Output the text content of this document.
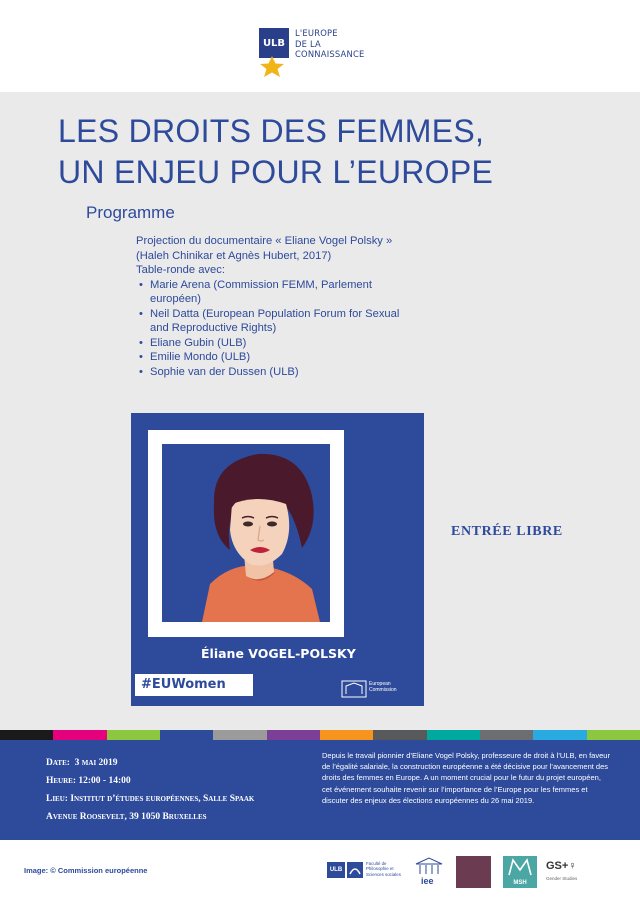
ULB
L'EUROPE
DE LA
CONNAISSANCE
LES DROITS DES FEMMES,
UN ENJEU POUR L’EUROPE
Programme

Projection du documentaire « Eliane Vogel Polsky »

(Haleh Chinikar et Agnès Hubert, 2017)

Table-ronde avec:

• Marie Arena (Commission FEMM, Parlement européen)
• Neil Datta (European Population Forum for Sexual and Reproductive Rights)
• Eliane Gubin (ULB)
• Emilie Mondo (ULB)
• Sophie van der Dussen (ULB)
Éliane VOGEL-POLSKY
#EUWomen	European
Commission
ENTRÉE LIBRE
Date: 3 mai 2019
Heure: 12:00 - 14:00
Lieu: Institut d’études européennes, Salle Spaak
Avenue Roosevelt, 39 1050 Bruxelles
Depuis le travail pionnier d’Eliane Vogel Polsky, professeure de droit à l’ULB, en faveur de l’égalité salariale, la construction européenne a été décisive pour l’avancement des droits des femmes en Europe. A un moment crucial pour le futur du projet européen, cet événement souhaite revenir sur l’importance de l’Europe pour les femmes et discuter des enjeux des élections européennes du 26 mai 2019.
Image: © Commission européenne	ULB
Faculté de Philosophie et Sciences sociales
iee	MSH
GS+♀
Gender Studies
